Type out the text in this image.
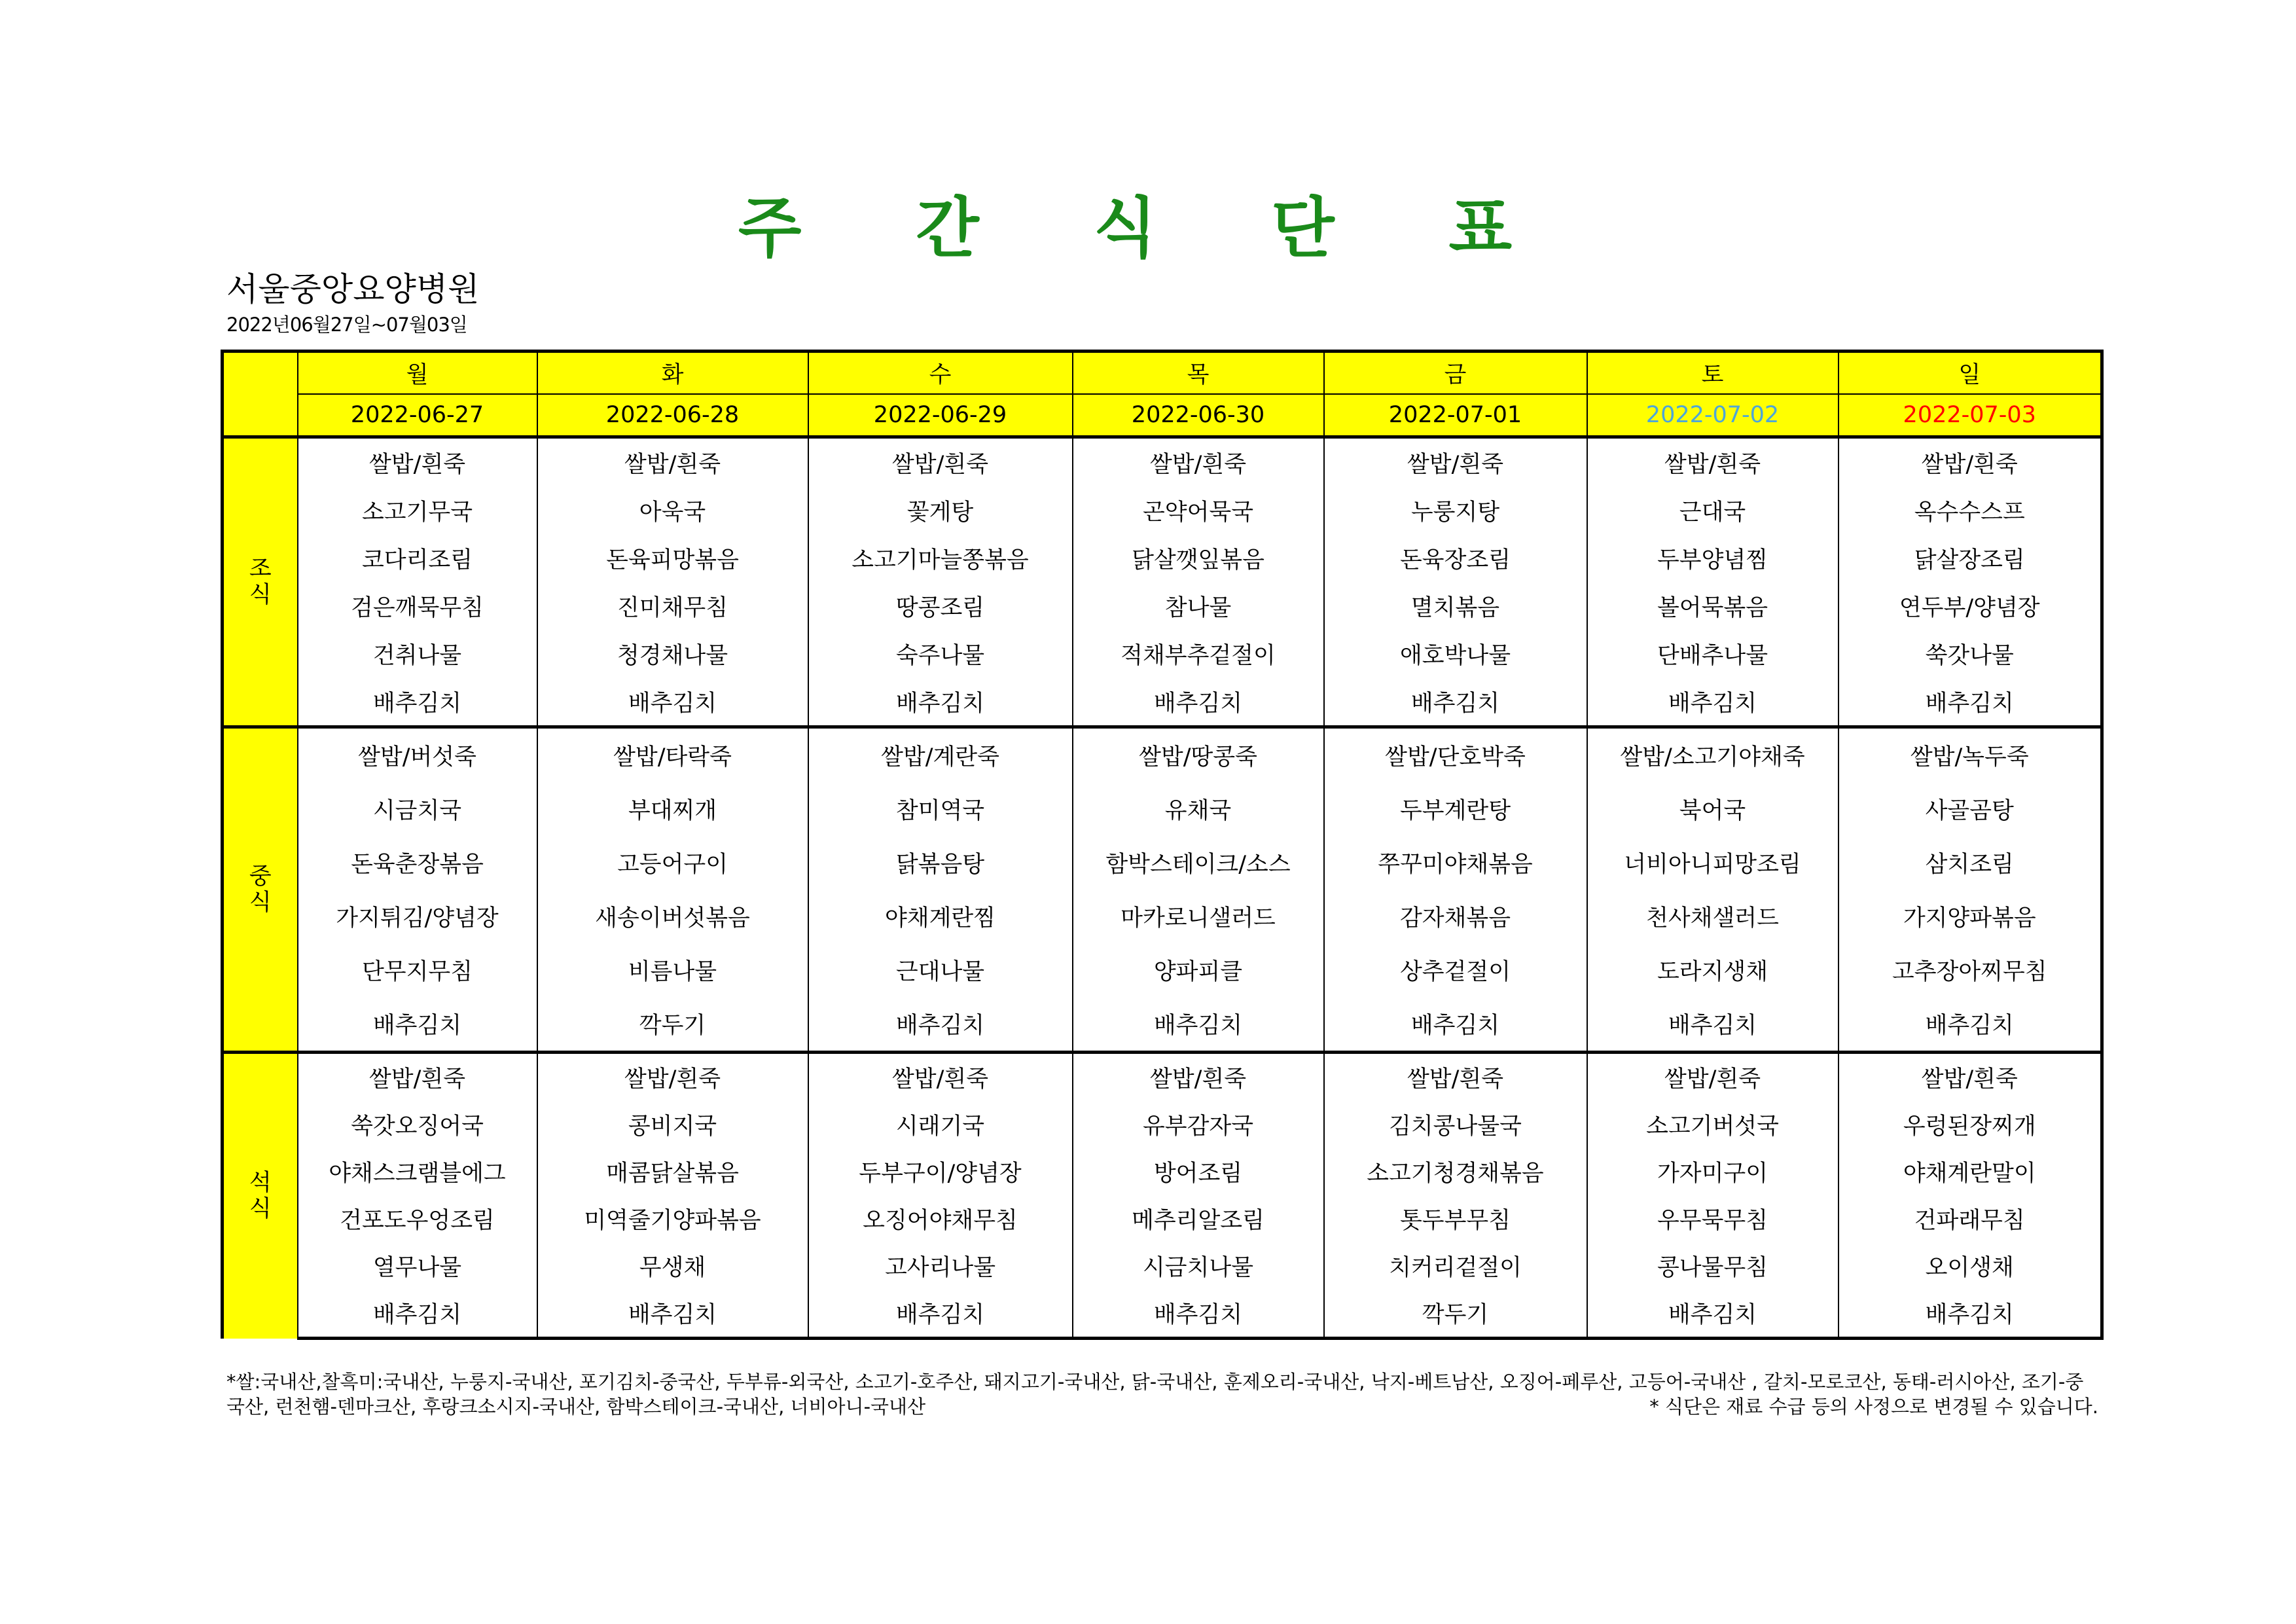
주 간 식 단 표
서울중앙요양병원
2022년06월27일~07월03일
	월	화	수	목	금	토	일
	2022-06-27	2022-06-28	2022-06-29	2022-06-30	2022-07-01	2022-07-02	2022-07-03

조
식	쌀밥/흰죽	쌀밥/흰죽	쌀밥/흰죽	쌀밥/흰죽	쌀밥/흰죽	쌀밥/흰죽	쌀밥/흰죽
	소고기무국	아욱국	꽃게탕	곤약어묵국	누룽지탕	근대국	옥수수스프
	코다리조림	돈육피망볶음	소고기마늘쫑볶음	닭살깻잎볶음	돈육장조림	두부양념찜	닭살장조림
	검은깨묵무침	진미채무침	땅콩조림	참나물	멸치볶음	볼어묵볶음	연두부/양념장
	건취나물	청경채나물	숙주나물	적채부추겉절이	애호박나물	단배추나물	쑥갓나물
	배추김치	배추김치	배추김치	배추김치	배추김치	배추김치	배추김치

중
식	쌀밥/버섯죽	쌀밥/타락죽	쌀밥/계란죽	쌀밥/땅콩죽	쌀밥/단호박죽	쌀밥/소고기야채죽	쌀밥/녹두죽
	시금치국	부대찌개	참미역국	유채국	두부계란탕	북어국	사골곰탕
	돈육춘장볶음	고등어구이	닭볶음탕	함박스테이크/소스	쭈꾸미야채볶음	너비아니피망조림	삼치조림
	가지튀김/양념장	새송이버섯볶음	야채계란찜	마카로니샐러드	감자채볶음	천사채샐러드	가지양파볶음
	단무지무침	비름나물	근대나물	양파피클	상추겉절이	도라지생채	고추장아찌무침
	배추김치	깍두기	배추김치	배추김치	배추김치	배추김치	배추김치

석
식	쌀밥/흰죽	쌀밥/흰죽	쌀밥/흰죽	쌀밥/흰죽	쌀밥/흰죽	쌀밥/흰죽	쌀밥/흰죽
	쑥갓오징어국	콩비지국	시래기국	유부감자국	김치콩나물국	소고기버섯국	우렁된장찌개
	야채스크램블에그	매콤닭살볶음	두부구이/양념장	방어조림	소고기청경채볶음	가자미구이	야채계란말이
	건포도우엉조림	미역줄기양파볶음	오징어야채무침	메추리알조림	톳두부무침	우무묵무침	건파래무침
	열무나물	무생채	고사리나물	시금치나물	치커리겉절이	콩나물무침	오이생채
	배추김치	배추김치	배추김치	배추김치	깍두기	배추김치	배추김치
*쌀:국내산,찰흑미:국내산, 누룽지-국내산, 포기김치-중국산, 두부류-외국산, 소고기-호주산, 돼지고기-국내산, 닭-국내산, 훈제오리-국내산, 낙지-베트남산, 오징어-페루산, 고등어-국내산 , 갈치-모로코산, 동태-러시아산, 조기-중국산, 런천햄-덴마크산, 후랑크소시지-국내산, 함박스테이크-국내산, 너비아니-국내산	* 식단은 재료 수급 등의 사정으로 변경될 수 있습니다.
